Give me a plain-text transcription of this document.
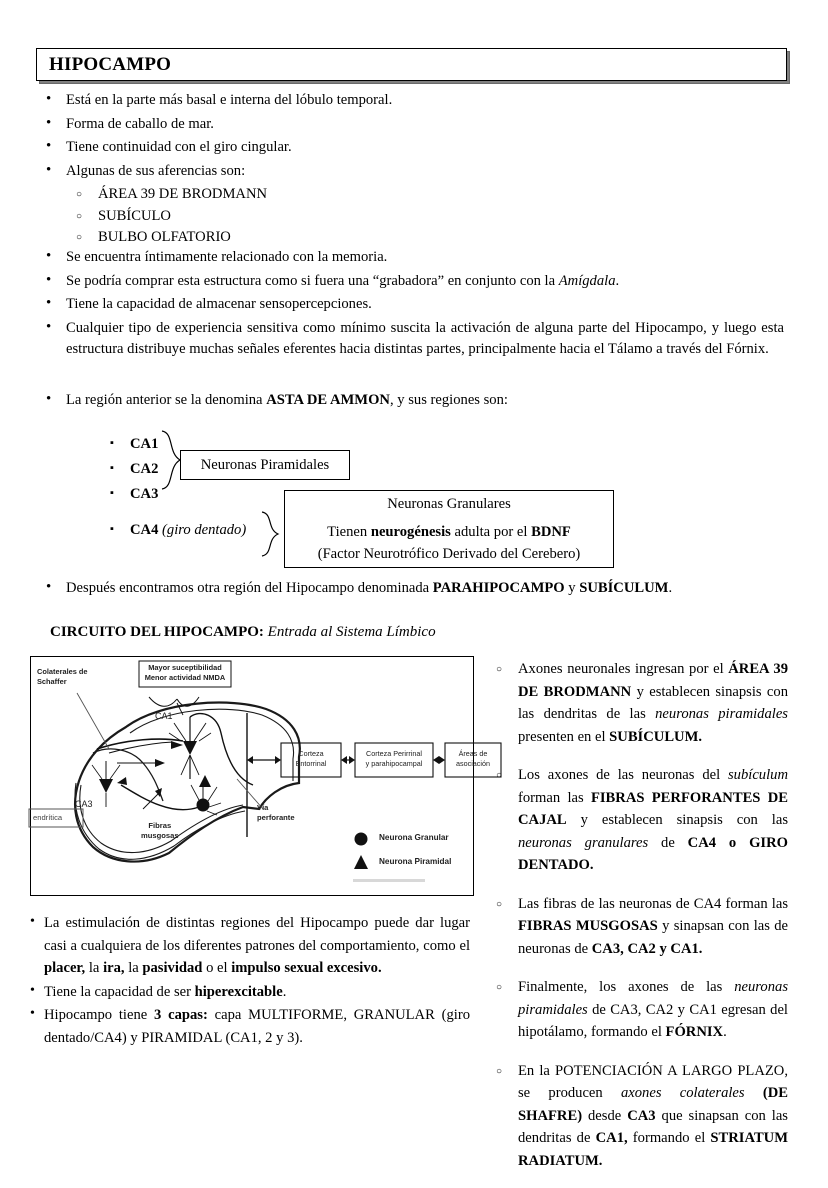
HIPOCAMPO
• Está en la parte más basal e interna del lóbulo temporal.
• Forma de caballo de mar.
• Tiene continuidad con el giro cingular.
• Algunas de sus aferencias son:
○ ÁREA 39 DE BRODMANN
○ SUBÍCULO
○ BULBO OLFATORIO
• Se encuentra íntimamente relacionado con la memoria.
• Se podría comprar esta estructura como si fuera una “grabadora” en conjunto con la Amígdala.
• Tiene la capacidad de almacenar sensopercepciones.
• Cualquier tipo de experiencia sensitiva como mínimo suscita la activación de alguna parte del Hipocampo, y luego esta estructura distribuye muchas señales eferentes hacia distintas partes, principalmente hacia el Tálamo a través del Fórnix.
• La región anterior se la denomina ASTA DE AMMON, y sus regiones son:
▪ CA1
▪ CA2
▪ CA3
Neuronas Piramidales
▪ CA4 (giro dentado)
Neuronas Granulares
Tienen neurogénesis adulta por el BDNF
(Factor Neurotrófico Derivado del Cerebero)
• Después encontramos otra región del Hipocampo denominada PARAHIPOCAMPO y SUBÍCULUM.
CIRCUITO DEL HIPOCAMPO: Entrada al Sistema Límbico
Mayor suceptibilidad
Menor actividad NMDA
Colaterales de
Schaffer
CA1
CA3
Fibras
musgosas
Vía
perforante
endrítica
Corteza
Entorrinal
Corteza Perirrinal
y parahipocampal
Áreas de
asociación
Neurona Granular
Neurona Piramidal
• La estimulación de distintas regiones del Hipocampo puede dar lugar casi a cualquiera de los diferentes patrones del comportamiento, como el placer, la ira, la pasividad o el impulso sexual excesivo.
• Tiene la capacidad de ser hiperexcitable.
• Hipocampo tiene 3 capas: capa MULTIFORME, GRANULAR (giro dentado/CA4) y PIRAMIDAL (CA1, 2 y 3).
○ Axones neuronales ingresan por el ÁREA 39 DE BRODMANN y establecen sinapsis con las dendritas de las neuronas piramidales presenten en el SUBÍCULUM.
○ Los axones de las neuronas del subículum forman las FIBRAS PERFORANTES DE CAJAL y establecen sinapsis con las neuronas granulares de CA4 o GIRO DENTADO.
○ Las fibras de las neuronas de CA4 forman las FIBRAS MUSGOSAS y sinapsan con las de neuronas de CA3, CA2 y CA1.
○ Finalmente, los axones de las neuronas piramidales de CA3, CA2 y CA1 egresan del hipotálamo, formando el FÓRNIX.
○ En la POTENCIACIÓN A LARGO PLAZO, se producen axones colaterales (DE SHAFRE) desde CA3 que sinapsan con las dendritas de CA1, formando el STRIATUM RADIATUM.
